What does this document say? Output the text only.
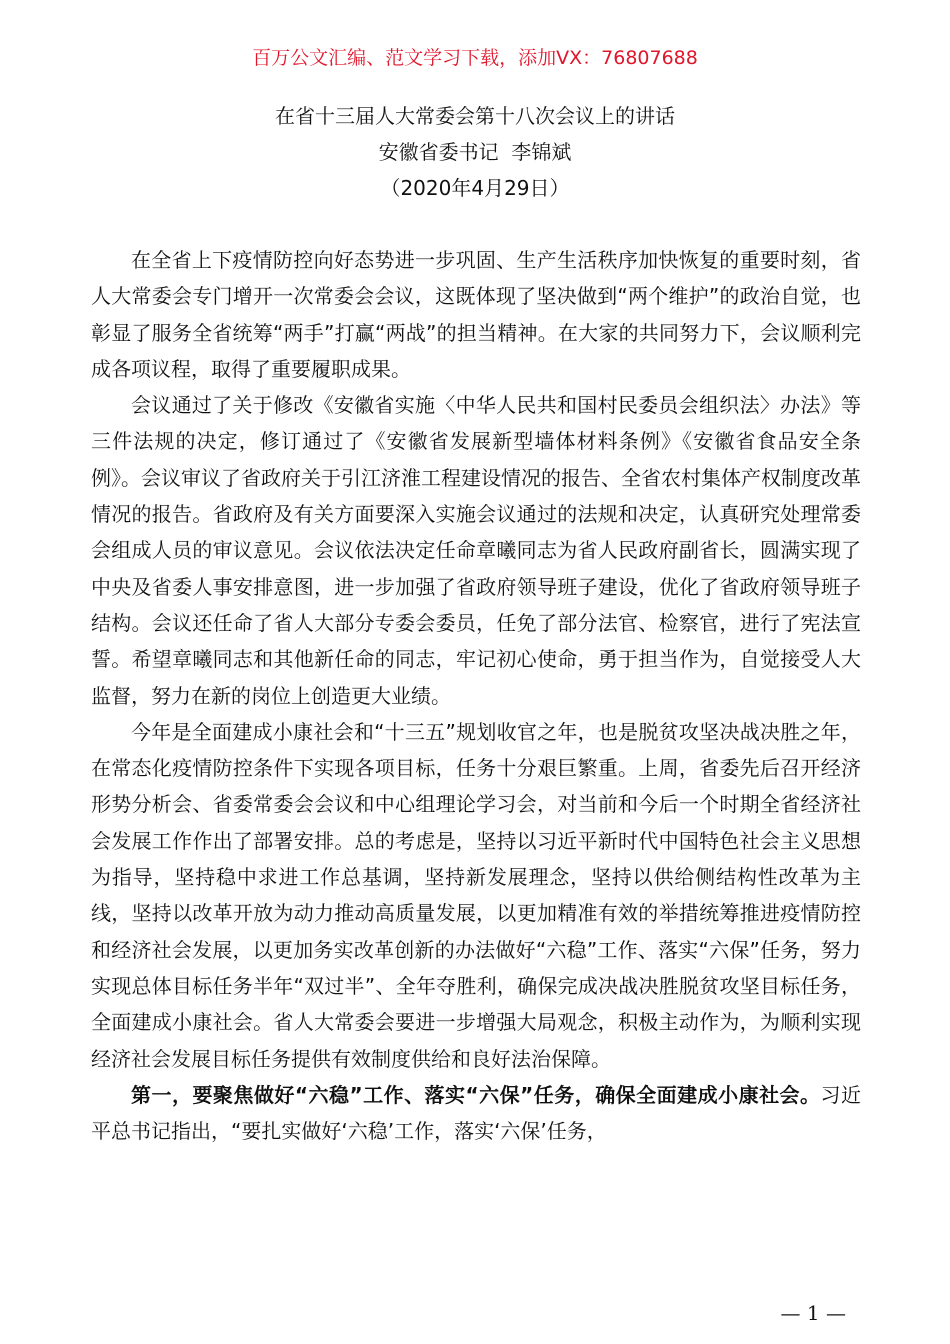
百万公文汇编、范文学习下载，添加VX：76807688
在省十三届人大常委会第十八次会议上的讲话
安徽省委书记  李锦斌
（2020年4月29日）

在全省上下疫情防控向好态势进一步巩固、生产生活秩序加快恢复的重要时刻，省人大常委会专门增开一次常委会会议，这既体现了坚决做到“两个维护”的政治自觉，也彰显了服务全省统筹“两手”打赢“两战”的担当精神。在大家的共同努力下，会议顺利完成各项议程，取得了重要履职成果。

会议通过了关于修改《安徽省实施〈中华人民共和国村民委员会组织法〉办法》等三件法规的决定，修订通过了《安徽省发展新型墙体材料条例》《安徽省食品安全条例》。会议审议了省政府关于引江济淮工程建设情况的报告、全省农村集体产权制度改革情况的报告。省政府及有关方面要深入实施会议通过的法规和决定，认真研究处理常委会组成人员的审议意见。会议依法决定任命章曦同志为省人民政府副省长，圆满实现了中央及省委人事安排意图，进一步加强了省政府领导班子建设，优化了省政府领导班子结构。会议还任命了省人大部分专委会委员，任免了部分法官、检察官，进行了宪法宣誓。希望章曦同志和其他新任命的同志，牢记初心使命，勇于担当作为，自觉接受人大监督，努力在新的岗位上创造更大业绩。

今年是全面建成小康社会和“十三五”规划收官之年，也是脱贫攻坚决战决胜之年，在常态化疫情防控条件下实现各项目标，任务十分艰巨繁重。上周，省委先后召开经济形势分析会、省委常委会会议和中心组理论学习会，对当前和今后一个时期全省经济社会发展工作作出了部署安排。总的考虑是，坚持以习近平新时代中国特色社会主义思想为指导，坚持稳中求进工作总基调，坚持新发展理念，坚持以供给侧结构性改革为主线，坚持以改革开放为动力推动高质量发展，以更加精准有效的举措统筹推进疫情防控和经济社会发展，以更加务实改革创新的办法做好“六稳”工作、落实“六保”任务，努力实现总体目标任务半年“双过半”、全年夺胜利，确保完成决战决胜脱贫攻坚目标任务，全面建成小康社会。省人大常委会要进一步增强大局观念，积极主动作为，为顺利实现经济社会发展目标任务提供有效制度供给和良好法治保障。

第一，要聚焦做好“六稳”工作、落实“六保”任务，确保全面建成小康社会。习近平总书记指出，“要扎实做好‘六稳’工作，落实‘六保’任务，

— 1 —
